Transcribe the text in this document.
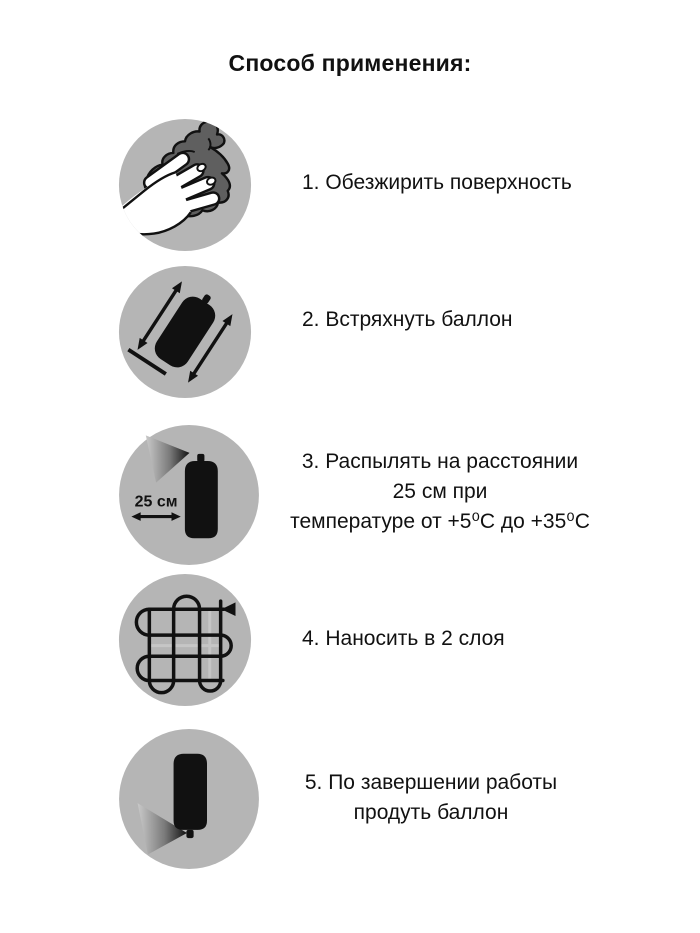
Способ применения:
1. Обезжирить поверхность
2. Встряхнуть баллон
25 см
3. Распылять на расстоянии
25 см при
температуре от +5⁰С до +35⁰С
4. Наносить в 2 слоя
5. По завершении работы
продуть баллон
